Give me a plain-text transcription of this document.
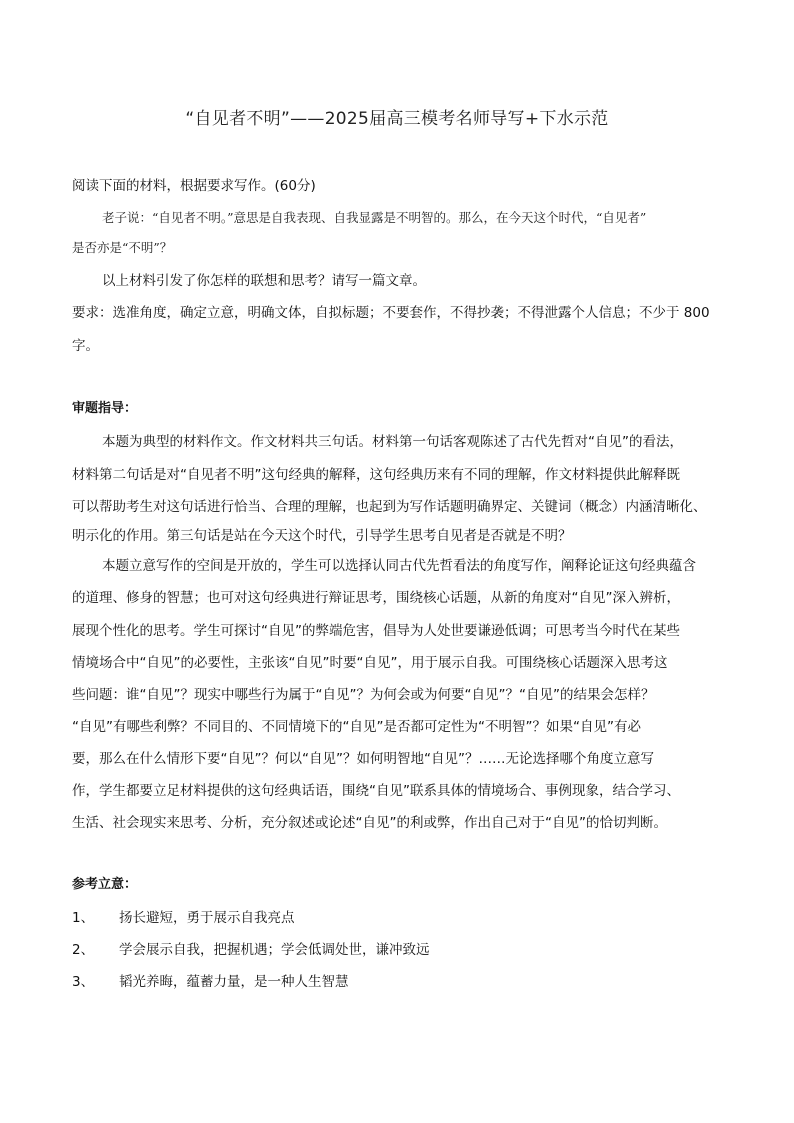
“自见者不明”——2025届高三模考名师导写+下水示范
阅读下面的材料，根据要求写作。(60分)
老子说：“自见者不明。”意思是自我表现、自我显露是不明智的。那么，在今天这个时代，“自见者”
是否亦是“不明”？
以上材料引发了你怎样的联想和思考？请写一篇文章。
要求：选准角度，确定立意，明确文体，自拟标题；不要套作，不得抄袭；不得泄露个人信息；不少于 800
字。
审题指导：
本题为典型的材料作文。作文材料共三句话。材料第一句话客观陈述了古代先哲对“自见”的看法，
材料第二句话是对“自见者不明”这句经典的解释，这句经典历来有不同的理解，作文材料提供此解释既
可以帮助考生对这句话进行恰当、合理的理解，也起到为写作话题明确界定、关键词（概念）内涵清晰化、
明示化的作用。第三句话是站在今天这个时代，引导学生思考自见者是否就是不明？
本题立意写作的空间是开放的，学生可以选择认同古代先哲看法的角度写作，阐释论证这句经典蕴含
的道理、修身的智慧；也可对这句经典进行辩证思考，围绕核心话题，从新的角度对“自见”深入辨析，
展现个性化的思考。学生可探讨“自见”的弊端危害，倡导为人处世要谦逊低调；可思考当今时代在某些
情境场合中“自见”的必要性，主张该“自见”时要“自见”，用于展示自我。可围绕核心话题深入思考这
些问题：谁“自见”？现实中哪些行为属于“自见”？为何会或为何要“自见”？“自见”的结果会怎样？
“自见”有哪些利弊？不同目的、不同情境下的“自见”是否都可定性为“不明智”？如果“自见”有必
要，那么在什么情形下要“自见”？何以“自见”？如何明智地“自见”？……无论选择哪个角度立意写
作，学生都要立足材料提供的这句经典话语，围绕“自见”联系具体的情境场合、事例现象，结合学习、
生活、社会现实来思考、分析，充分叙述或论述“自见”的利或弊，作出自己对于“自见”的恰切判断。
参考立意：
1、 扬长避短，勇于展示自我亮点
2、 学会展示自我，把握机遇；学会低调处世，谦冲致远
3、 韬光养晦，蕴蓄力量，是一种人生智慧
